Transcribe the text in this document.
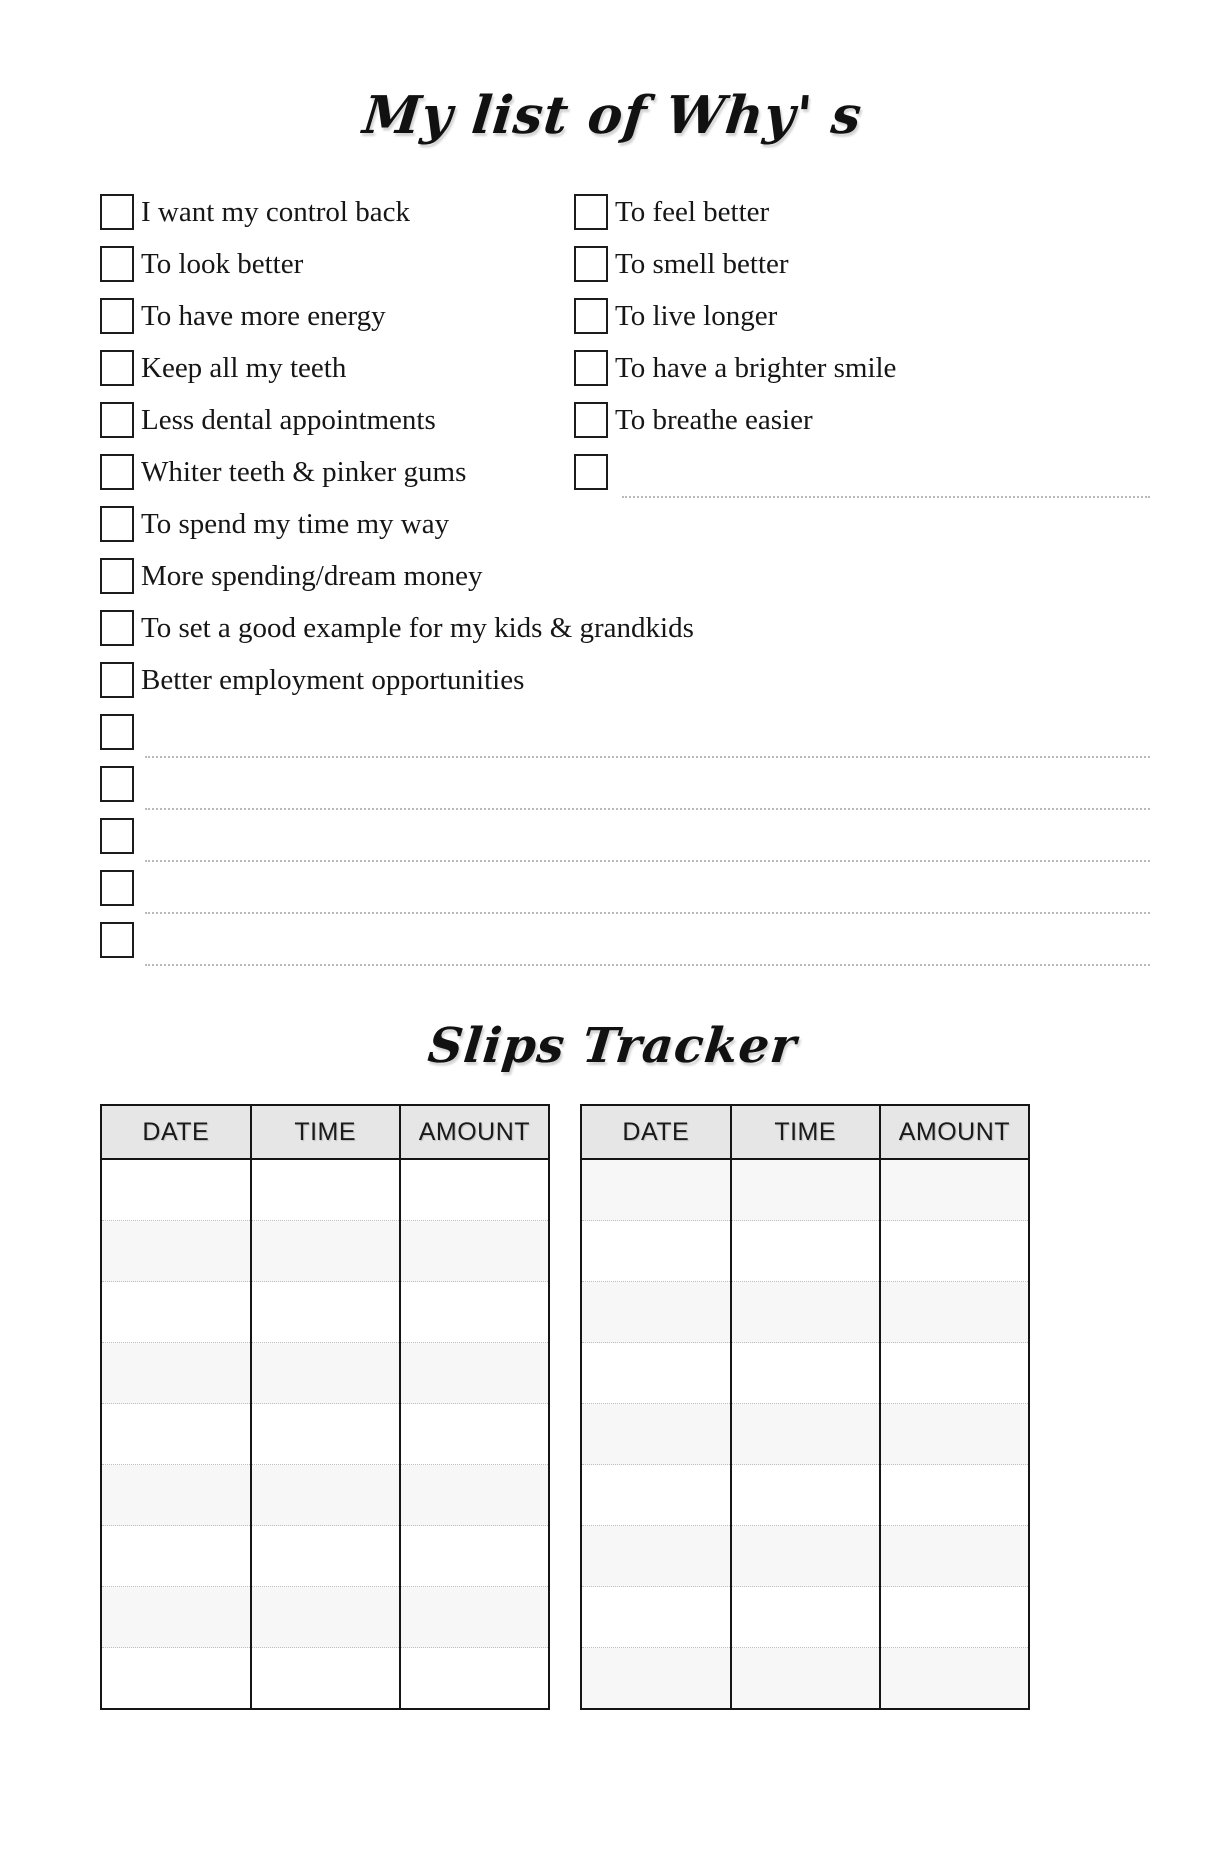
My list of Why' s
I want my control back	To feel better
To look better	To smell better
To have more energy	To live longer
Keep all my teeth	To have a brighter smile
Less dental appointments	To breathe easier
Whiter teeth & pinker gums
To spend my time my way
More spending/dream money
To set a good example for my kids & grandkids
Better employment opportunities
Slips Tracker
DATE	TIME	AMOUNT

			DATE	TIME	AMOUNT
